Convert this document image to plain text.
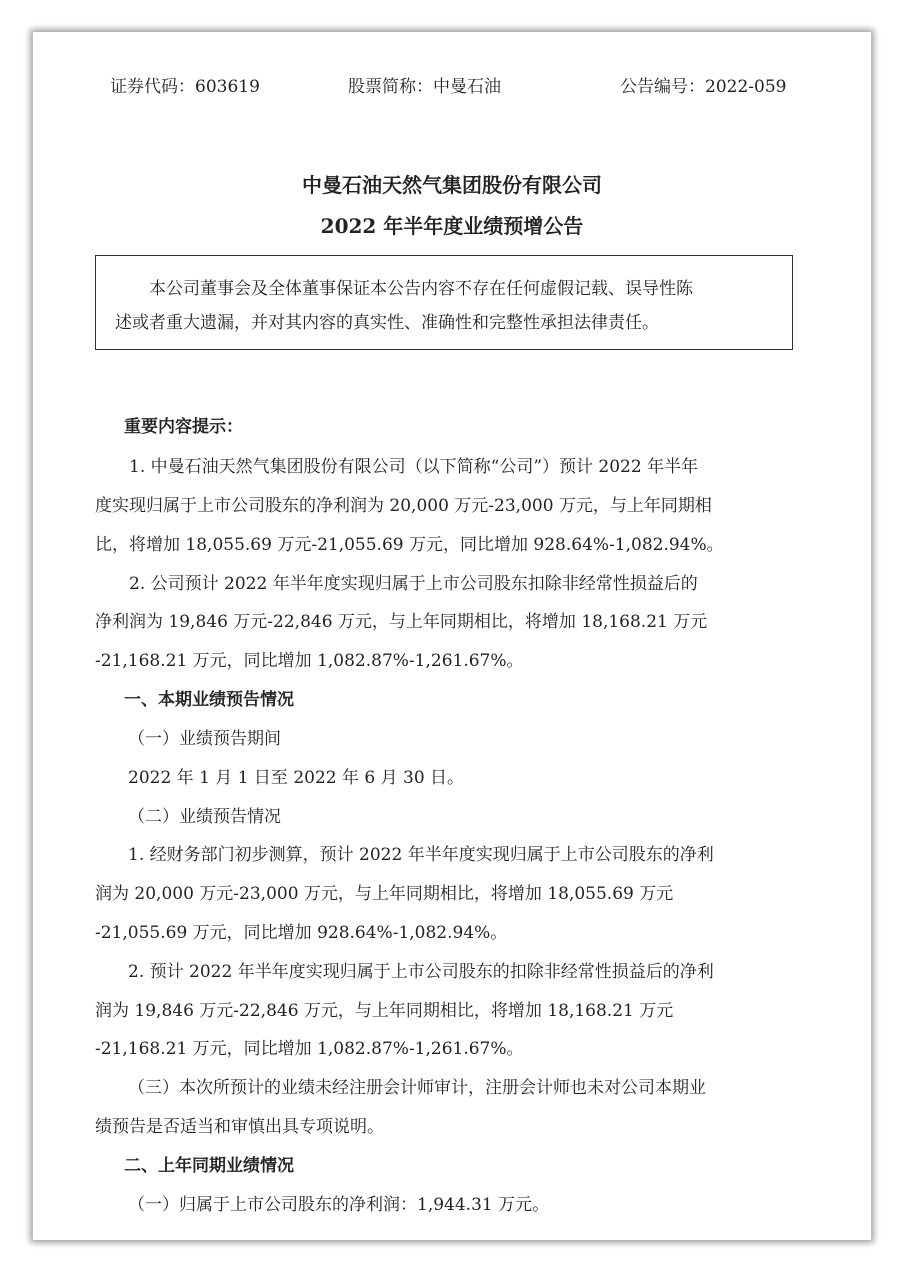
证券代码：603619	股票简称：中曼石油	公告编号：2022-059
中曼石油天然气集团股份有限公司
2022 年半年度业绩预增公告
本公司董事会及全体董事保证本公告内容不存在任何虚假记载、误导性陈
述或者重大遗漏，并对其内容的真实性、准确性和完整性承担法律责任。
重要内容提示：
1. 中曼石油天然气集团股份有限公司（以下简称“公司”）预计 2022 年半年
度实现归属于上市公司股东的净利润为 20,000 万元-23,000 万元，与上年同期相
比，将增加 18,055.69 万元-21,055.69 万元，同比增加 928.64%-1,082.94%。
2. 公司预计 2022 年半年度实现归属于上市公司股东扣除非经常性损益后的
净利润为 19,846 万元-22,846 万元，与上年同期相比，将增加 18,168.21 万元
-21,168.21 万元，同比增加 1,082.87%-1,261.67%。
一、本期业绩预告情况
（一）业绩预告期间
2022 年 1 月 1 日至 2022 年 6 月 30 日。
（二）业绩预告情况
1. 经财务部门初步测算，预计 2022 年半年度实现归属于上市公司股东的净利
润为 20,000 万元-23,000 万元，与上年同期相比，将增加 18,055.69 万元
-21,055.69 万元，同比增加 928.64%-1,082.94%。
2. 预计 2022 年半年度实现归属于上市公司股东的扣除非经常性损益后的净利
润为 19,846 万元-22,846 万元，与上年同期相比，将增加 18,168.21 万元
-21,168.21 万元，同比增加 1,082.87%-1,261.67%。
（三）本次所预计的业绩未经注册会计师审计，注册会计师也未对公司本期业
绩预告是否适当和审慎出具专项说明。
二、上年同期业绩情况
（一）归属于上市公司股东的净利润：1,944.31 万元。
